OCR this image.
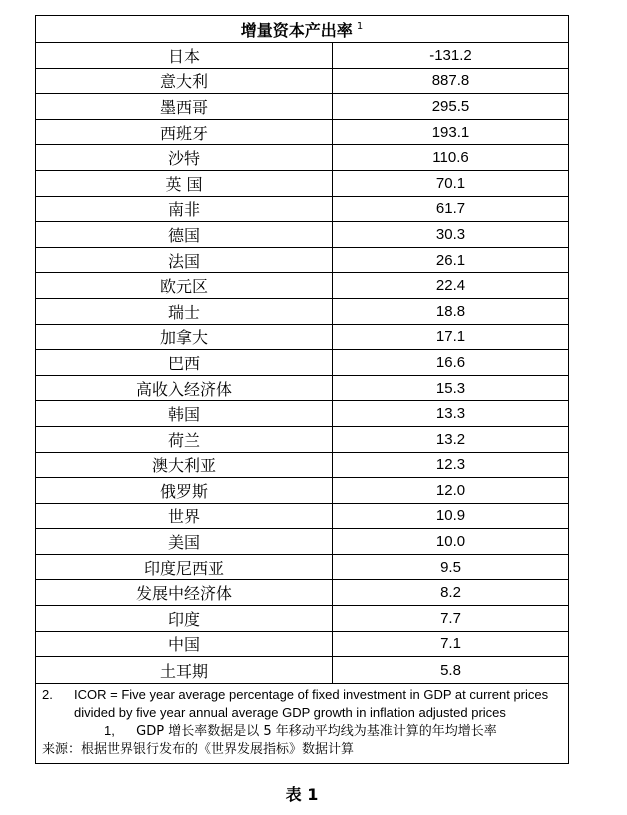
增量资本产出率 $^1$
日本	-131.2
意大利	887.8
墨西哥	295.5
西班牙	193.1
沙特	110.6
英 国	70.1
南非	61.7
德国	30.3
法国	26.1
欧元区	22.4
瑞士	18.8
加拿大	17.1
巴西	16.6
高收入经济体	15.3
韩国	13.3
荷兰	13.2
澳大利亚	12.3
俄罗斯	12.0
世界	10.9
美国	10.0
印度尼西亚	9.5
发展中经济体	8.2
印度	7.7
中国	7.1
土耳期	5.8
2.	ICOR = Five year average percentage of fixed investment in GDP at current prices divided by five year annual average GDP growth in inflation adjusted prices
1, GDP 增长率数据是以 5 年移动平均线为基准计算的年均增长率
来源：根据世界银行发布的《世界发展指标》数据计算
表 1
